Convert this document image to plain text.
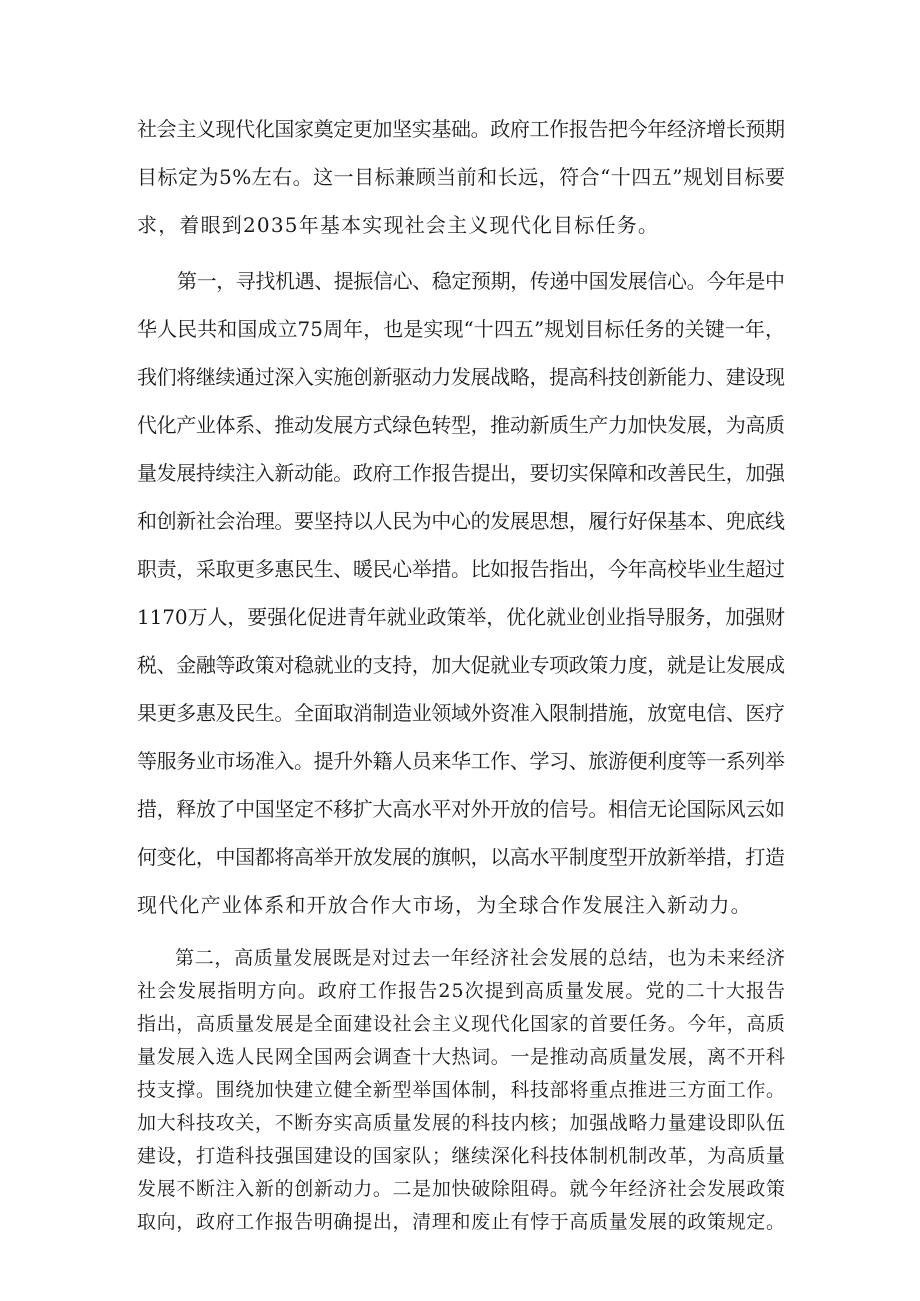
社会主义现代化国家奠定更加坚实基础。政府工作报告把今年经济增长预期
目标定为5%左右。这一目标兼顾当前和长远，符合“十四五”规划目标要
求，着眼到2035年基本实现社会主义现代化目标任务。
第一，寻找机遇、提振信心、稳定预期，传递中国发展信心。今年是中
华人民共和国成立75周年，也是实现“十四五”规划目标任务的关键一年，
我们将继续通过深入实施创新驱动力发展战略，提高科技创新能力、建设现
代化产业体系、推动发展方式绿色转型，推动新质生产力加快发展，为高质
量发展持续注入新动能。政府工作报告提出，要切实保障和改善民生，加强
和创新社会治理。要坚持以人民为中心的发展思想，履行好保基本、兜底线
职责，采取更多惠民生、暖民心举措。比如报告指出，今年高校毕业生超过
1170万人，要强化促进青年就业政策举，优化就业创业指导服务，加强财
税、金融等政策对稳就业的支持，加大促就业专项政策力度，就是让发展成
果更多惠及民生。全面取消制造业领域外资准入限制措施，放宽电信、医疗
等服务业市场准入。提升外籍人员来华工作、学习、旅游便利度等一系列举
措，释放了中国坚定不移扩大高水平对外开放的信号。相信无论国际风云如
何变化，中国都将高举开放发展的旗帜，以高水平制度型开放新举措，打造
现代化产业体系和开放合作大市场，为全球合作发展注入新动力。
第二，高质量发展既是对过去一年经济社会发展的总结，也为未来经济
社会发展指明方向。政府工作报告25次提到高质量发展。党的二十大报告
指出，高质量发展是全面建设社会主义现代化国家的首要任务。今年，高质
量发展入选人民网全国两会调查十大热词。一是推动高质量发展，离不开科
技支撑。围绕加快建立健全新型举国体制，科技部将重点推进三方面工作。
加大科技攻关，不断夯实高质量发展的科技内核；加强战略力量建设即队伍
建设，打造科技强国建设的国家队；继续深化科技体制机制改革，为高质量
发展不断注入新的创新动力。二是加快破除阻碍。就今年经济社会发展政策
取向，政府工作报告明确提出，清理和废止有悖于高质量发展的政策规定。
